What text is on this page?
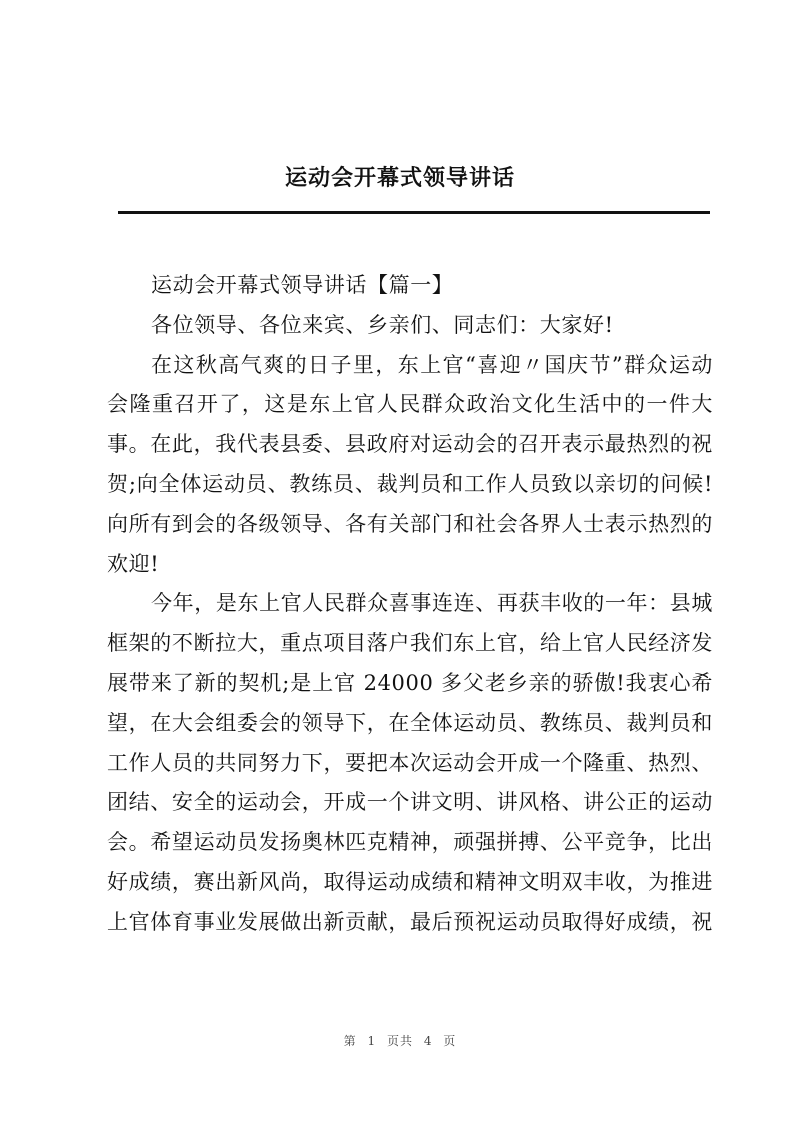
运动会开幕式领导讲话
运动会开幕式领导讲话【篇一】
各位领导、各位来宾、乡亲们、同志们：大家好!
在这秋高气爽的日子里，东上官“喜迎〃国庆节”群众运动
会隆重召开了，这是东上官人民群众政治文化生活中的一件大
事。在此，我代表县委、县政府对运动会的召开表示最热烈的祝
贺;向全体运动员、教练员、裁判员和工作人员致以亲切的问候!
向所有到会的各级领导、各有关部门和社会各界人士表示热烈的
欢迎!
今年，是东上官人民群众喜事连连、再获丰收的一年：县城
框架的不断拉大，重点项目落户我们东上官，给上官人民经济发
展带来了新的契机;是上官 24000 多父老乡亲的骄傲!我衷心希
望，在大会组委会的领导下，在全体运动员、教练员、裁判员和
工作人员的共同努力下，要把本次运动会开成一个隆重、热烈、
团结、安全的运动会，开成一个讲文明、讲风格、讲公正的运动
会。希望运动员发扬奥林匹克精神，顽强拼搏、公平竞争，比出
好成绩，赛出新风尚，取得运动成绩和精神文明双丰收，为推进
上官体育事业发展做出新贡献，最后预祝运动员取得好成绩，祝
第 1 页共 4 页
